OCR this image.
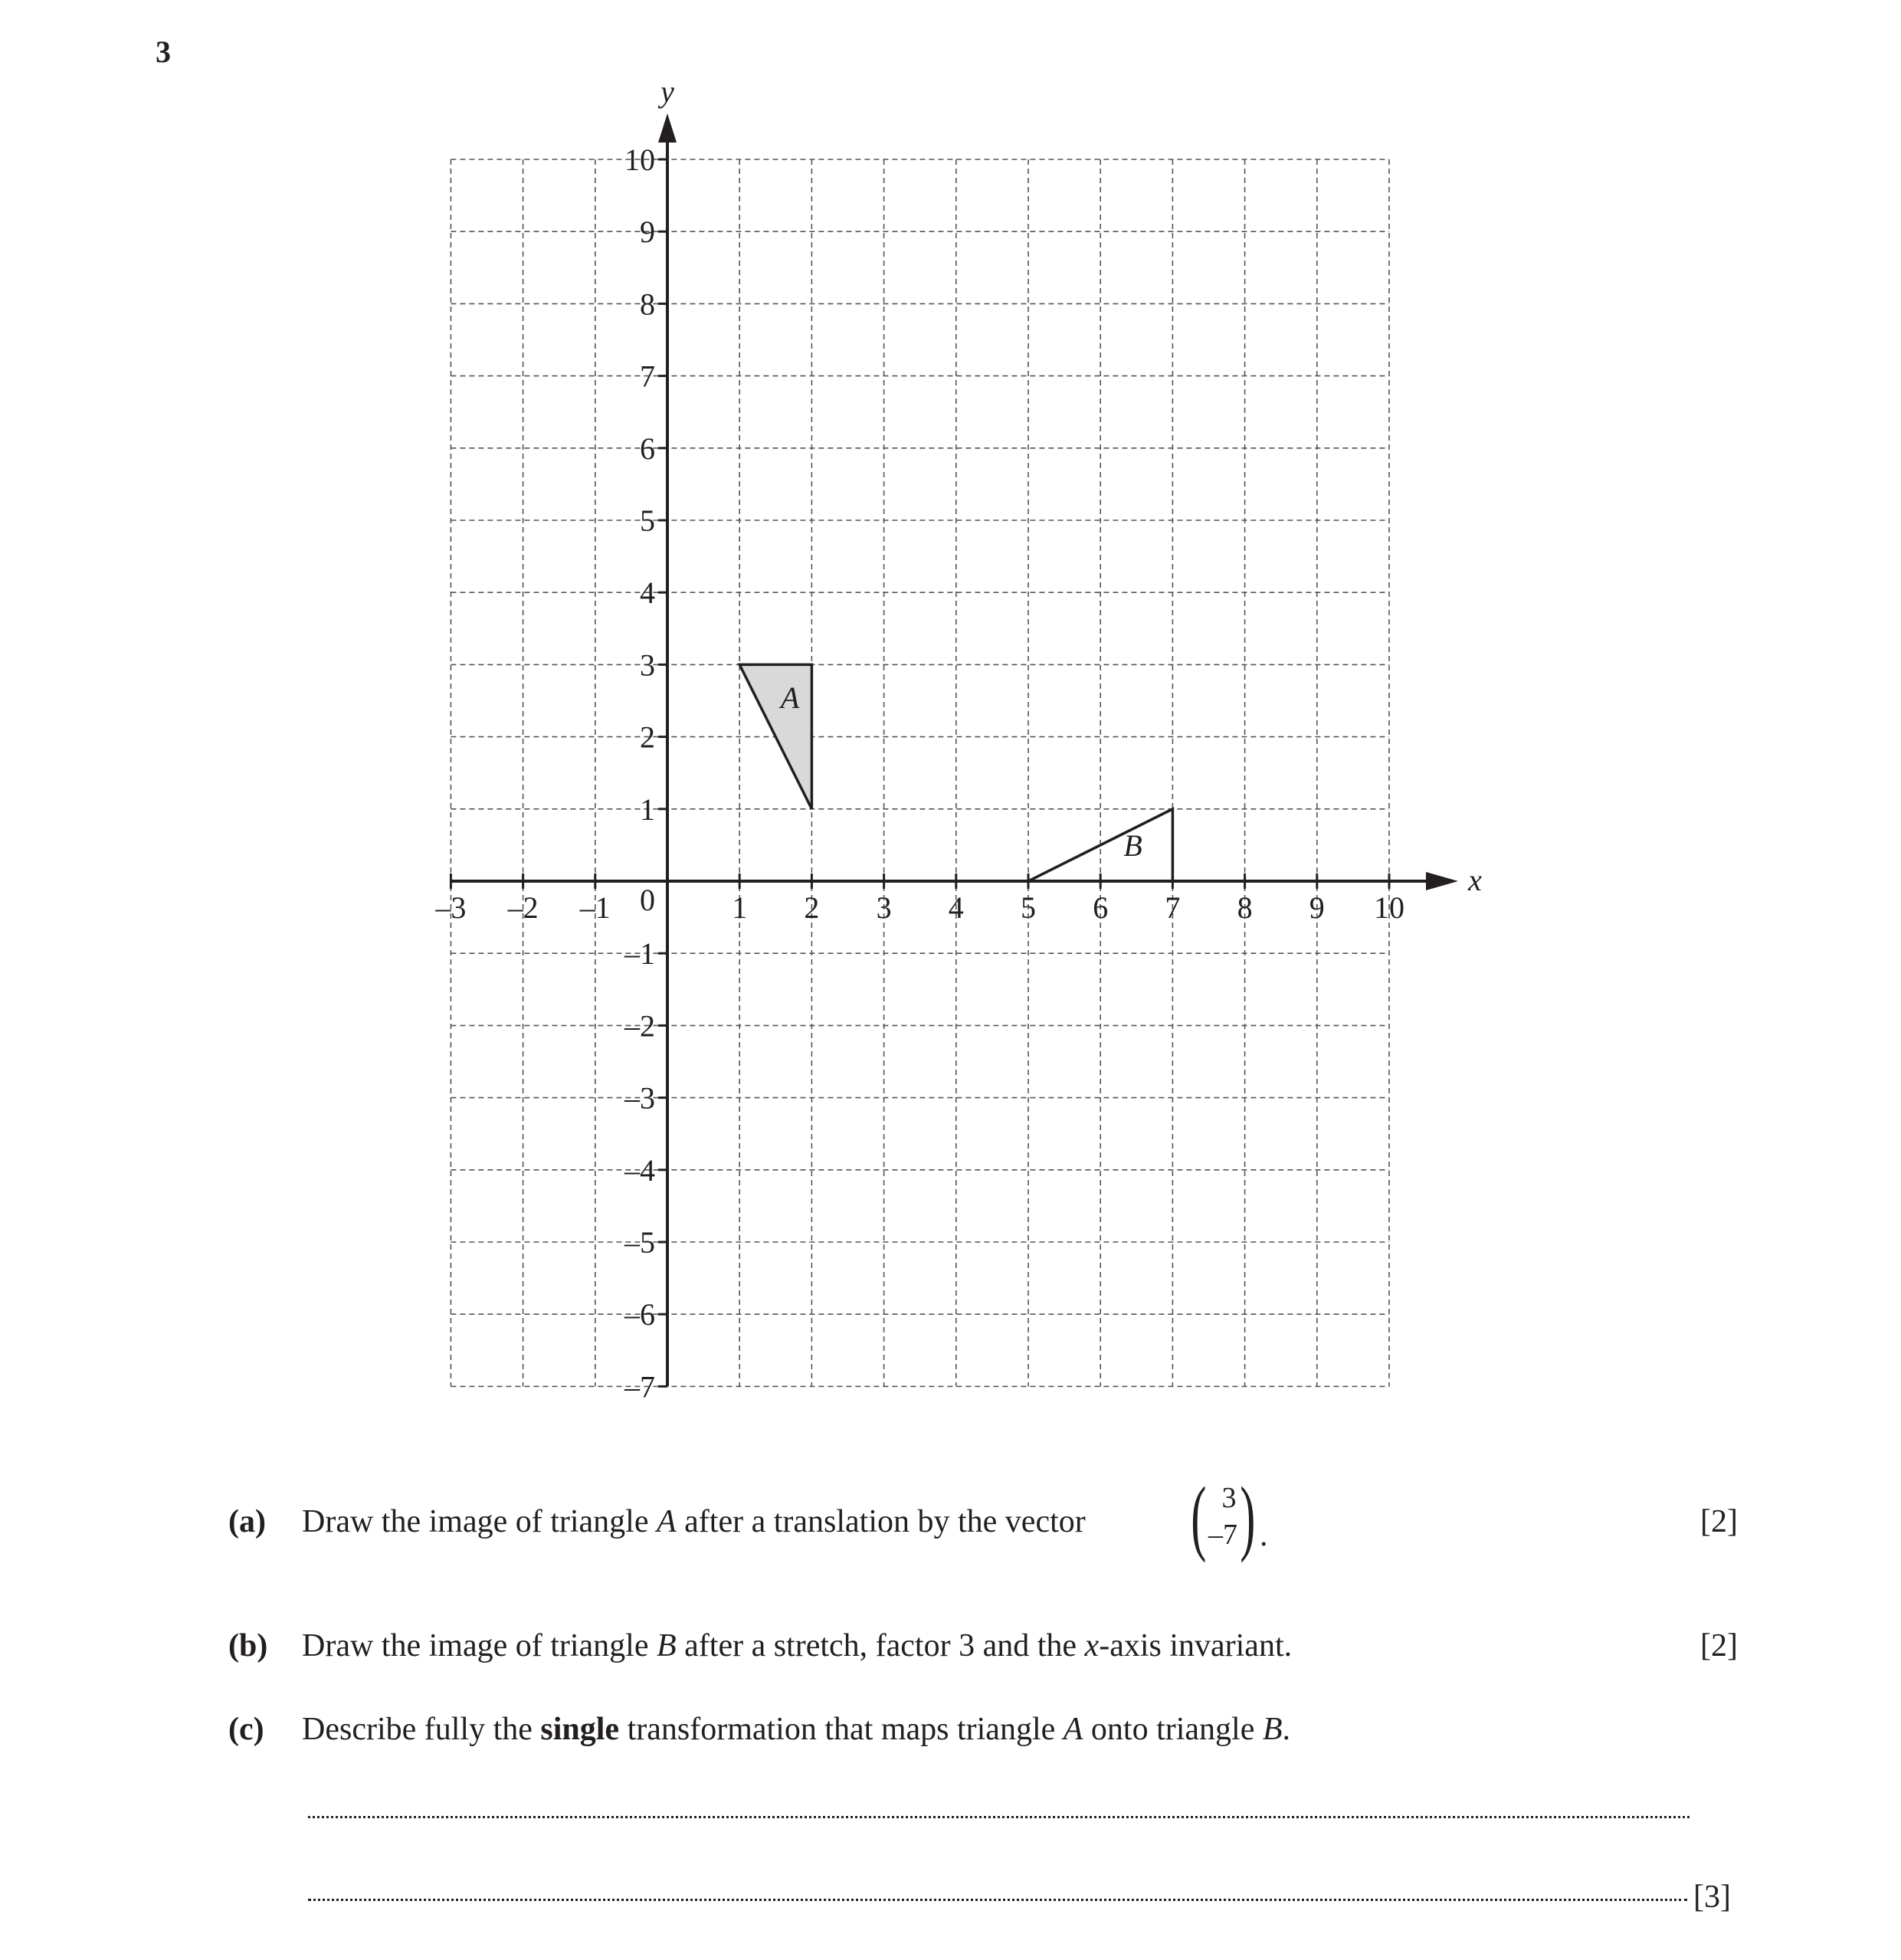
3
A
B
x
y
–3 –2 –1 0	1 2 3 4 5 6 7 8 9 10
10
9
8
7
6
5
4
3
2
1
–1
–2
–3
–4
–5
–6
–7
(a) Draw the image of triangle A after a translation by the vector ( 3
–7 ) .	[2]
(b) Draw the image of triangle B after a stretch, factor 3 and the x-axis invariant.	[2]
(c) Describe fully the single transformation that maps triangle A onto triangle B.
[3]
